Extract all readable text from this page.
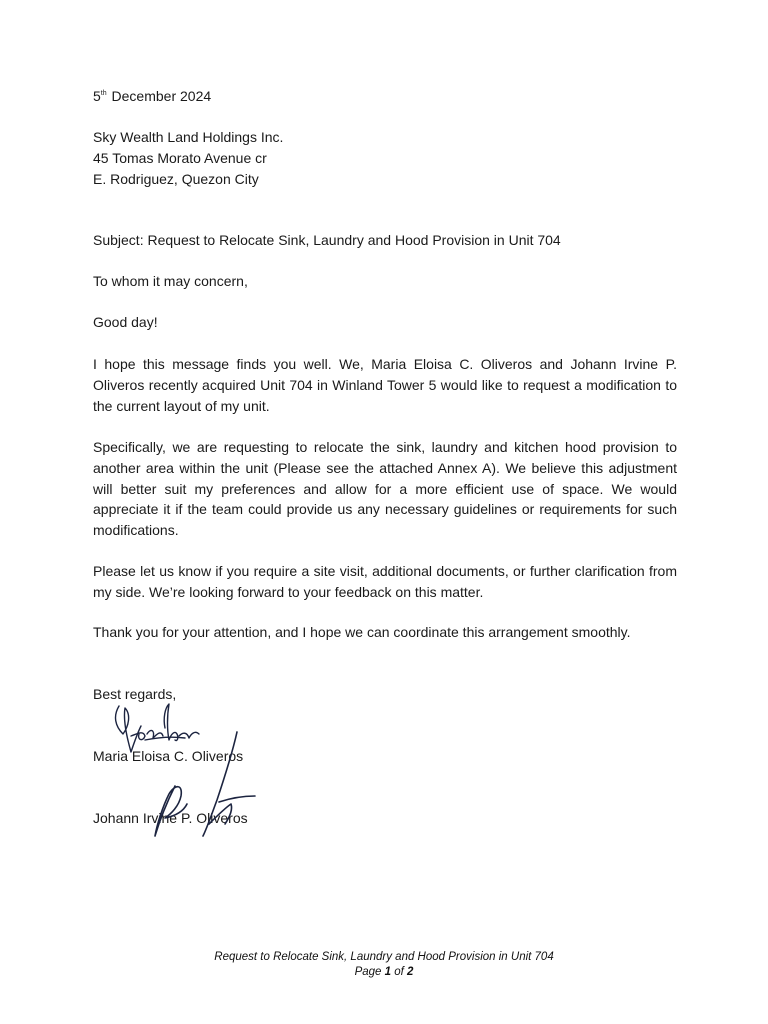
5th December 2024
Sky Wealth Land Holdings Inc.
45 Tomas Morato Avenue cr
E. Rodriguez, Quezon City
Subject: Request to Relocate Sink, Laundry and Hood Provision in Unit 704
To whom it may concern,
Good day!
I hope this message finds you well. We, Maria Eloisa C. Oliveros and Johann Irvine P. Oliveros recently acquired Unit 704 in Winland Tower 5 would like to request a modification to the current layout of my unit.
Specifically, we are requesting to relocate the sink, laundry and kitchen hood provision to another area within the unit (Please see the attached Annex A). We believe this adjustment will better suit my preferences and allow for a more efficient use of space. We would appreciate it if the team could provide us any necessary guidelines or requirements for such modifications.
Please let us know if you require a site visit, additional documents, or further clarification from my side. We’re looking forward to your feedback on this matter.
Thank you for your attention, and I hope we can coordinate this arrangement smoothly.
Best regards,
Maria Eloisa C. Oliveros
Johann Irvine P. Oliveros
Request to Relocate Sink, Laundry and Hood Provision in Unit 704
Page 1 of 2
